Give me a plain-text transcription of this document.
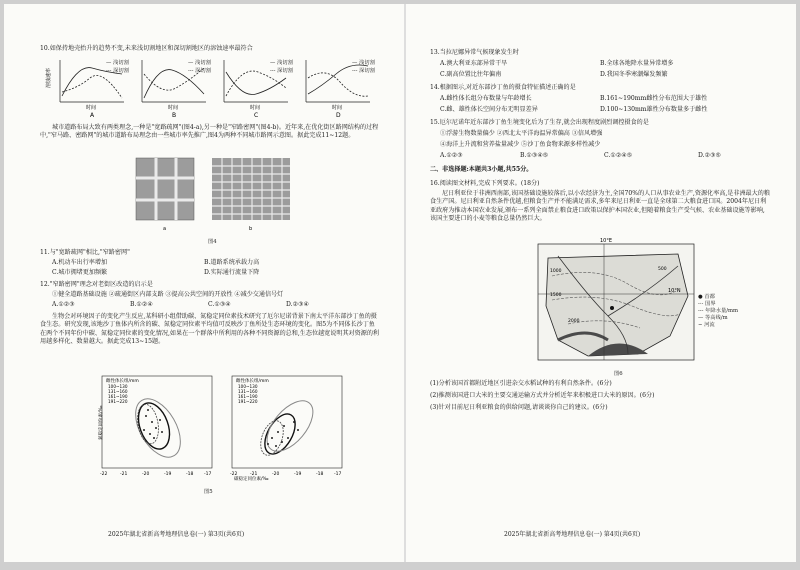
10.如保持地壳抬升的趋势不变,未来浅切割地区和深切割地区的溶蚀速率最符合
溶蚀速率
时间
A
时间
B
时间
C
时间
D
— 浅切割
--- 深切割
— 浅切割
--- 深切割
— 浅切割
--- 深切割
— 浅切割
--- 深切割
城市道路布局大致有两类理念,一种是"宽路疏网"(图4-a),另一种是"窄路密网"(图4-b)。近年来,在优化街区路网结构的过程中,"窄马路、密路网"的城市道路布局理念由一些城市率先推广,图4为两种不同城市路网示意图。据此完成11~12题。
a	b
图4
11.与"宽路疏网"相比,"窄路密网"
A.机动车出行率增加	B.道路系统承载力高
C.城市拥堵更加频繁	D.实际通行流量下降
12."窄路密网"理念对老街区改造的启示是
①健全道路基础设施 ②疏通街区内部支路 ③提高公共空间的开放性 ④减少交通信号灯
A.①②③	B.①②④	C.①③④	D.②③④
生物会对环境因子的变化产生反应,某科研小组借助碳、氮稳定同位素技术研究了厄尔尼诺背景下南太平洋东部沙丁鱼的摄食生态。研究发现,该地沙丁鱼体内所含的碳、氮稳定同位素平均值可反映沙丁鱼所处生态环境的变化。图5为不同体长沙丁鱼在两个不同年份中碳、氮稳定同位素的变化情况,如果在一个群落中所利用的各种不同资源的总和,生态位越宽说明其对资源的利用越多样化、数量越大。据此完成13~15题。
雌性体长组/mm
100~130
131~160
161~190
191~220
-22	-21	-20	-19	-18 -17
氮稳定同位素/‰
雌性体长组/mm
100~130
131~160
161~190
191~220
-22	-21	-20	-19	-18 -17
碳稳定同位素/‰
图5
2025年湖北省新高考地理信息卷(一) 第3页(共6页)
13.当拉尼娜异常气候现象发生时
A.澳大利亚东部异常干旱	B.全球各地降水量异常增多
C.副高位置比往年偏南	D.我国冬季寒潮爆发频繁
14.根据图示,对近东部沙丁鱼的摄食特征描述正确的是
A.雌性体长组分布数量与年龄增长	B.161~190mm雌性分布范围大于雄性
C.雌、雄性体长空间分布无明显差异	D.100~130mm雄性分布数量多于雌性
15.厄尔尼诺年近东部沙丁鱼生境变化后为了生存,就会出现程度剧烈调控摄食的是
①浮游生物数量偏少 ②西北太平洋海温异常偏高 ③信风增强
④海洋上升流和营养盐量减少 ⑤沙丁鱼食物来源多样性减少
A.①②③	B.①③④⑤	C.①②④⑤	D.②③⑤
二、非选择题:本题共3小题,共55分。
16.阅读图文材料,完成下列要求。(18分)
尼日利亚位于非洲西南部,该国基础设施较落后,以小农经济为主,全国70%的人口从事农业生产,资源化率高,是非洲最大的粮食生产国。尼日利亚自然条件优越,但粮食生产并不能满足需求,多年来尼日利亚一直是全球第二大粮食进口国。2004年尼日利亚政府为推动本国农业发展,颁布一系列全面禁止粮食进口政策以保护本国农业,但随着粮食生产受气候、农业基础设施等影响,该国主要进口的小麦等粮食总量仍然巨大。
10°E
10°N
1000
1500
2000
500
● 首都
-·- 国界
--- 年降水量/mm
— 等高线/m
∼ 河流
图6
(1)分析该国首都附近地区引进杂交水稻试种的有利自然条件。(6分)
(2)推测该国进口大米的主要交通运输方式并分析近年来积极进口大米的原因。(6分)
(3)针对目前尼日利亚粮食的供给问题,请谈谈你自己的建议。(6分)
2025年湖北省新高考地理信息卷(一) 第4页(共6页)
